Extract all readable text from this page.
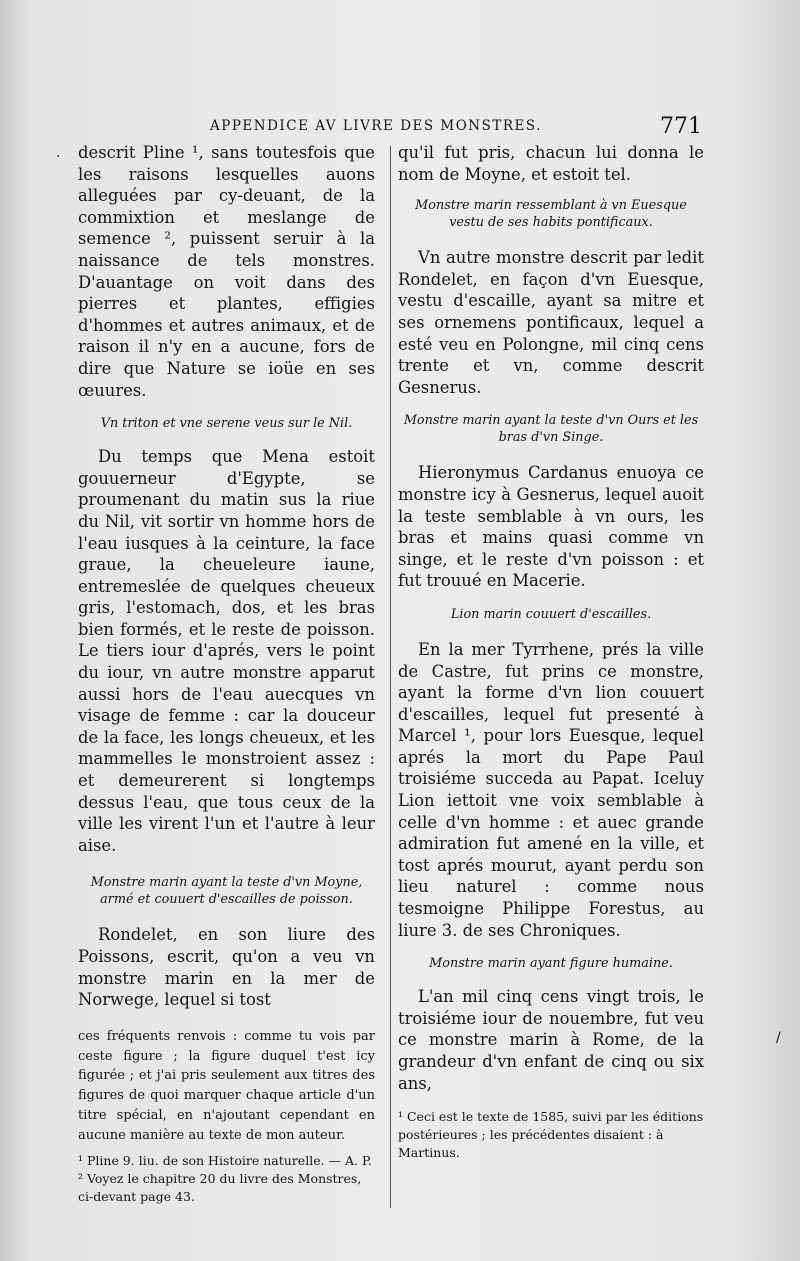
APPENDICE AV LIVRE DES MONSTRES.	771
· descrit Pline ¹, sans toutesfois que les raisons lesquelles auons alleguées par cy-deuant, de la commixtion et meslange de semence ², puissent seruir à la naissance de tels monstres. D'auantage on voit dans des pierres et plantes, effigies d'hommes et autres animaux, et de raison il n'y en a aucune, fors de dire que Nature se ioüe en ses œuures.

Vn triton et vne serene veus sur le Nil.

Du temps que Mena estoit gouuerneur d'Egypte, se proumenant du matin sus la riue du Nil, vit sortir vn homme hors de l'eau iusques à la ceinture, la face graue, la cheueleure iaune, entremeslée de quelques cheueux gris, l'estomach, dos, et les bras bien formés, et le reste de poisson. Le tiers iour d'aprés, vers le point du iour, vn autre monstre apparut aussi hors de l'eau auecques vn visage de femme : car la douceur de la face, les longs cheueux, et les mammelles le monstroient assez : et demeurerent si longtemps dessus l'eau, que tous ceux de la ville les virent l'un et l'autre à leur aise.

Monstre marin ayant la teste d'vn Moyne, armé et couuert d'escailles de poisson.

Rondelet, en son liure des Poissons, escrit, qu'on a veu vn monstre marin en la mer de Norwege, lequel si tost

ces fréquents renvois : comme tu vois par ceste figure ; la figure duquel t'est icy figurée ; et j'ai pris seulement aux titres des figures de quoi marquer chaque article d'un titre spécial, en n'ajoutant cependant en aucune manière au texte de mon auteur.
¹ Pline 9. liu. de son Histoire naturelle. — A. P.
² Voyez le chapitre 20 du livre des Monstres, ci-devant page 43.

qu'il fut pris, chacun lui donna le nom de Moyne, et estoit tel.

Monstre marin ressemblant à vn Euesque vestu de ses habits pontificaux.

Vn autre monstre descrit par ledit Rondelet, en façon d'vn Euesque, vestu d'escaille, ayant sa mitre et ses ornemens pontificaux, lequel a esté veu en Polongne, mil cinq cens trente et vn, comme descrit Gesnerus.

Monstre marin ayant la teste d'vn Ours et les bras d'vn Singe.

Hieronymus Cardanus enuoya ce monstre icy à Gesnerus, lequel auoit la teste semblable à vn ours, les bras et mains quasi comme vn singe, et le reste d'vn poisson : et fut trouué en Macerie.

Lion marin couuert d'escailles.

En la mer Tyrrhene, prés la ville de Castre, fut prins ce monstre, ayant la forme d'vn lion couuert d'escailles, lequel fut presenté à Marcel ¹, pour lors Euesque, lequel aprés la mort du Pape Paul troisiéme succeda au Papat. Iceluy Lion iettoit vne voix semblable à celle d'vn homme : et auec grande admiration fut amené en la ville, et tost aprés mourut, ayant perdu son lieu naturel : comme nous tesmoigne Philippe Forestus, au liure 3. de ses Chroniques.

Monstre marin ayant figure humaine.

L'an mil cinq cens vingt trois, le troisiéme iour de nouembre, fut veu ce monstre marin à Rome, de la grandeur d'vn enfant de cinq ou six ans,

¹ Ceci est le texte de 1585, suivi par les éditions postérieures ; les précédentes disaient : à Martinus.
/
